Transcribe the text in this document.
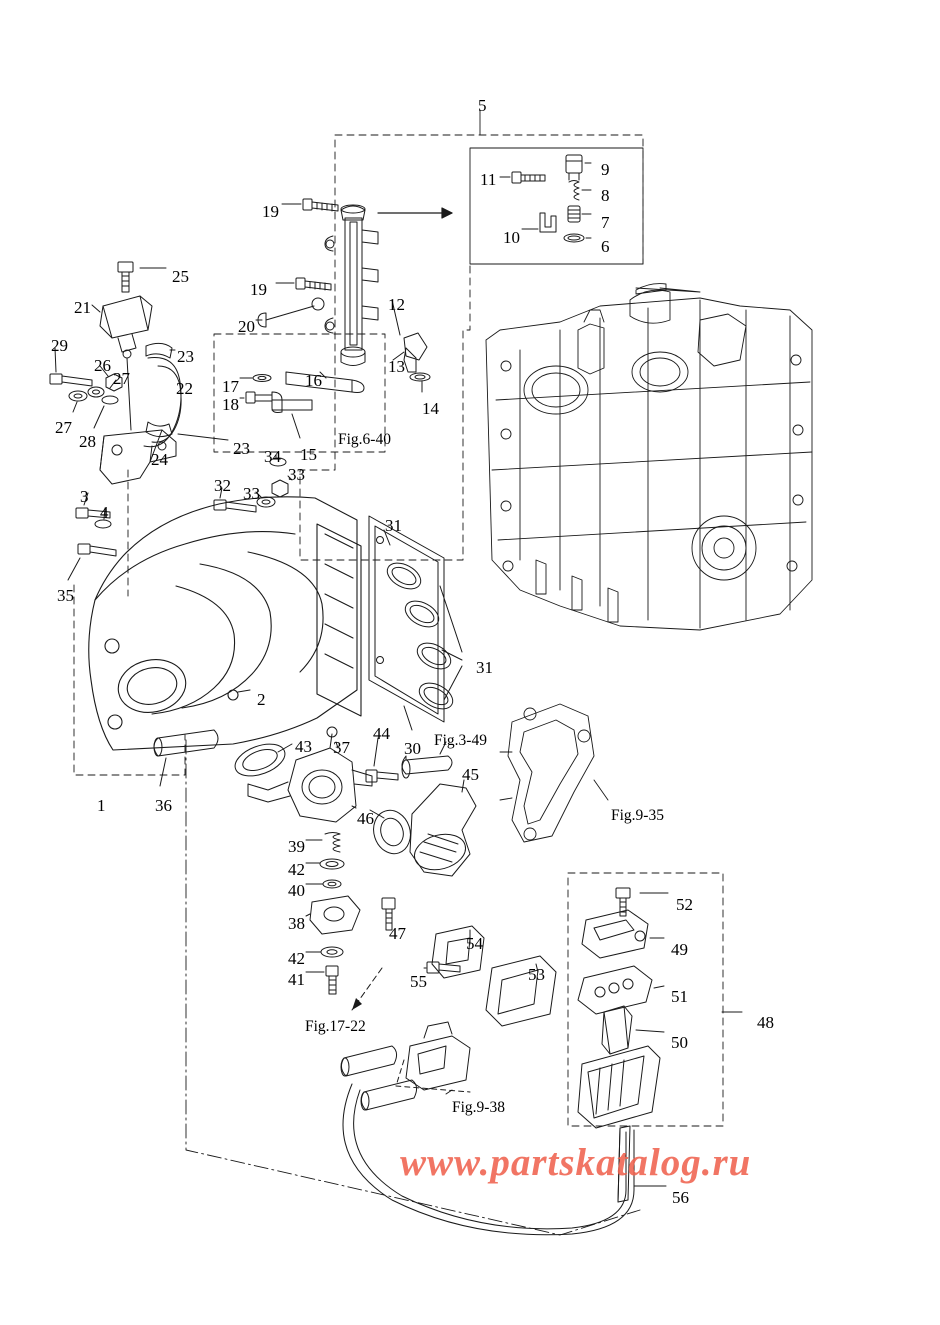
5
11
9
8
7
10	6
19
25
21
19
20
12
29
23
13
26
27
22 17	16
18	14
27
28	23	15
24	34
33
32 33
3
4
31
35
31
2
43 37
44
30
45
1	36
46
39
42
40
52
38
47
54	49
53
42
41	55
51
50
48
56
Fig.6-40
Fig.3-49
Fig.9-35
Fig.17-22
Fig.9-38
www.partskatalog.ru
